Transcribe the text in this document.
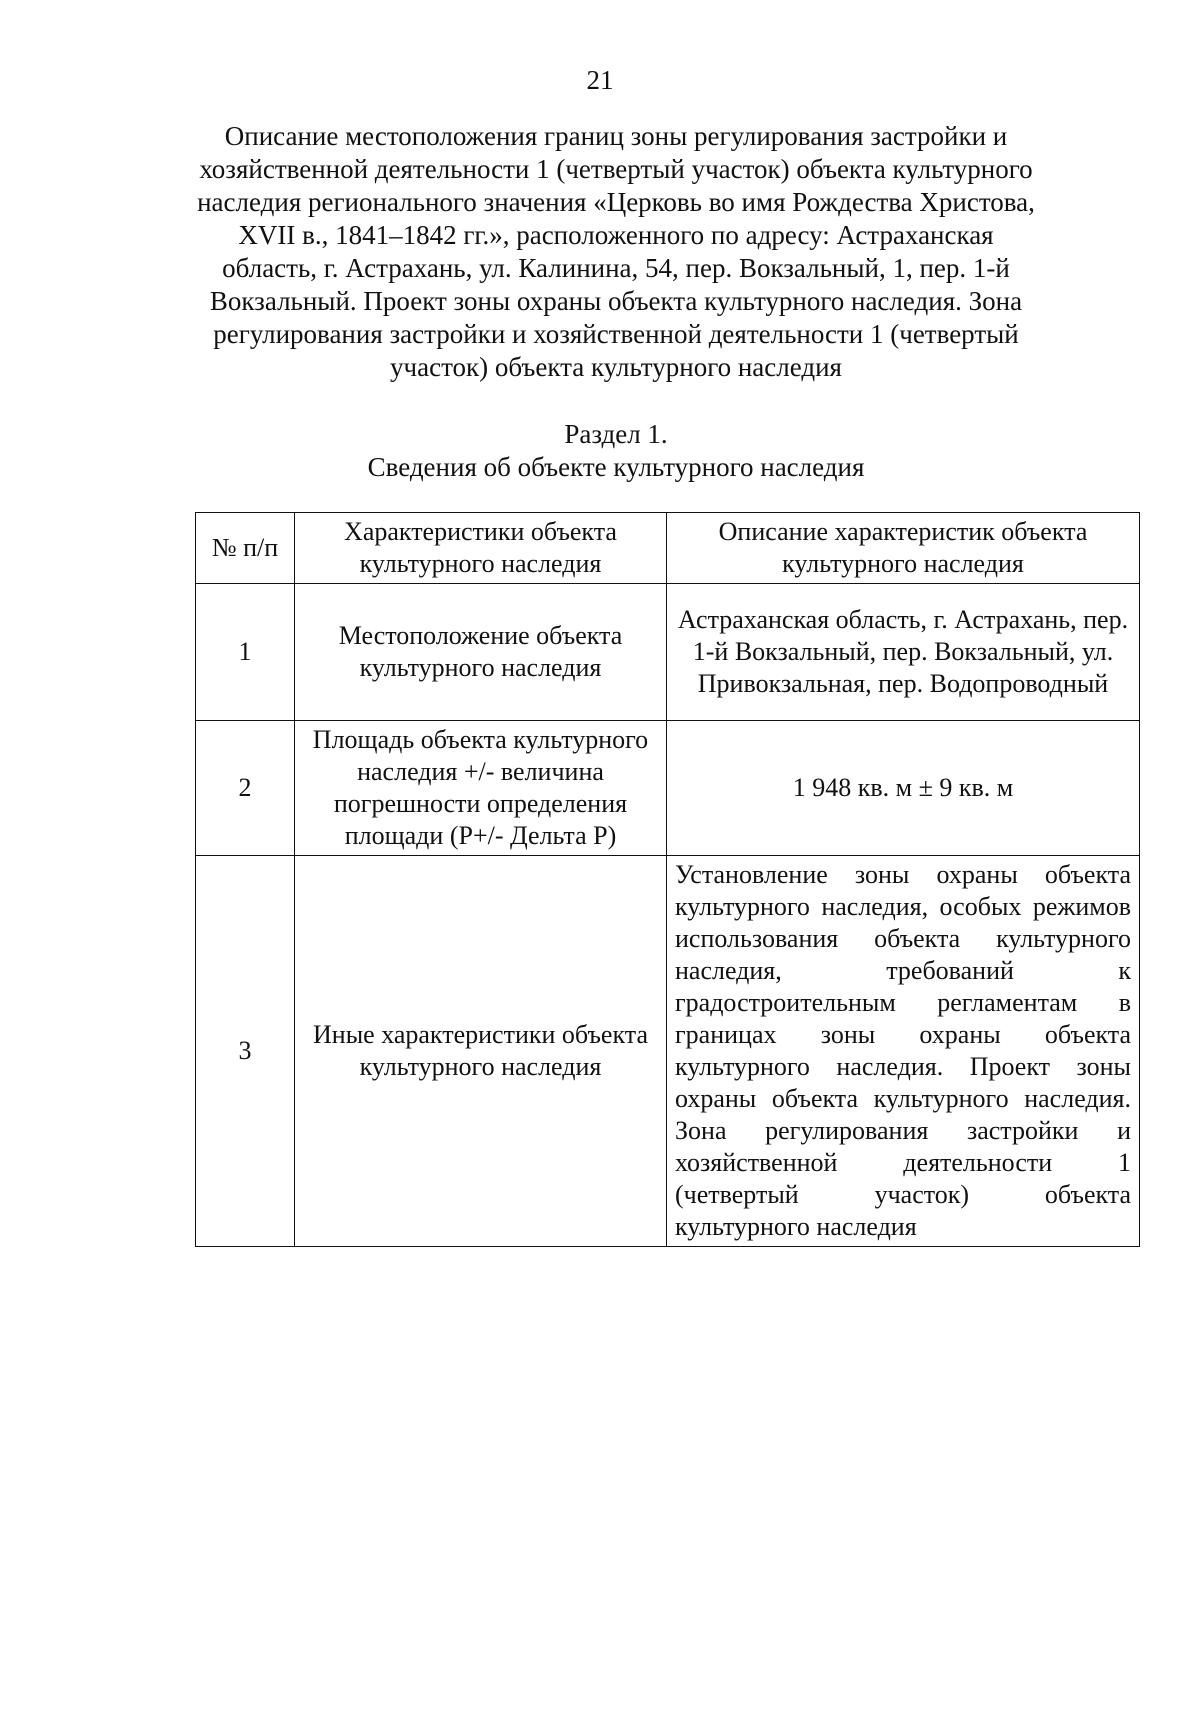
21
Описание местоположения границ зоны регулирования застройки и хозяйственной деятельности 1 (четвертый участок) объекта культурного наследия регионального значения «Церковь во имя Рождества Христова, XVII в., 1841–1842 гг.», расположенного по адресу: Астраханская область, г. Астрахань, ул. Калинина, 54, пер. Вокзальный, 1, пер. 1-й Вокзальный. Проект зоны охраны объекта культурного наследия. Зона регулирования застройки и хозяйственной деятельности 1 (четвертый участок) объекта культурного наследия
Раздел 1.
Сведения об объекте культурного наследия
№ п/п	Характеристики объекта культурного наследия	Описание характеристик объекта культурного наследия
1	Местоположение объекта культурного наследия	Астраханская область, г. Астрахань, пер. 1-й Вокзальный, пер. Вокзальный, ул. Привокзальная, пер. Водопроводный
2	Площадь объекта культурного наследия +/- величина погрешности определения площади (Р+/- Дельта Р)	1 948 кв. м ± 9 кв. м
3	Иные характеристики объекта культурного наследия	Установление зоны охраны объекта культурного наследия, особых режимов использования объекта культурного наследия, требований к градостроительным регламентам в границах зоны охраны объекта культурного наследия. Проект зоны охраны объекта культурного наследия. Зона регулирования застройки и хозяйственной деятельности 1 (четвертый участок) объекта культурного наследия
